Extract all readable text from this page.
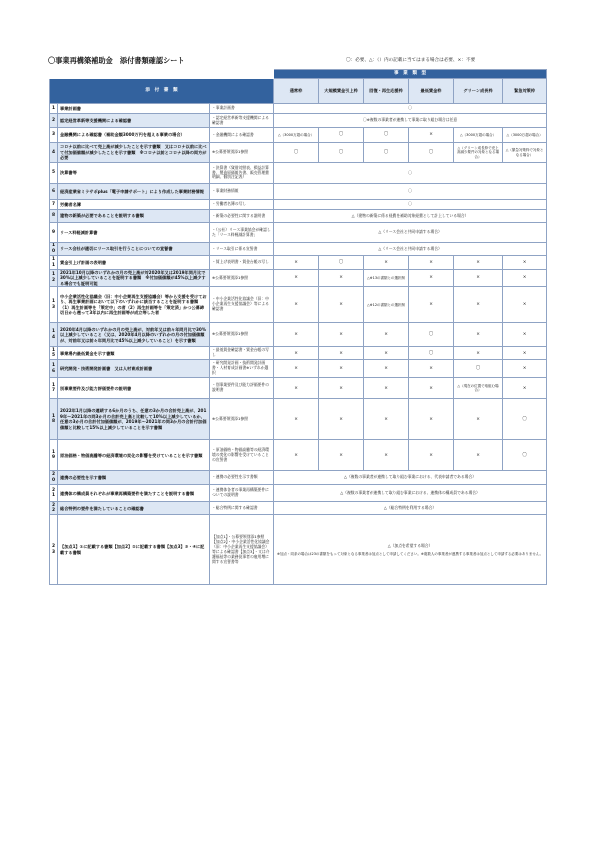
〇事業再構築補助金　添付書類確認シート	〇：必要、△：（）内の記載に当てはまる場合は必要、×：不要
			事　業　類　型					
添　付　書　類			通常枠	大規模賃金引上枠	回復・再生応援枠	最低賃金枠	グリーン成長枠	緊急対策枠
1	事業計画書	・事業計画書	〇					

2	認定経営革新等支援機関による確認書	・認定経営革新等支援機関による確認書	〇※複数の事業者が連携して事業に取り組む場合は任意					

3	金融機関による確認書（補助金額3000万円を超える事業の場合）	・金融機関による確認書	△（3000万超の場合）	〇	〇	×	△（3000万超の場合）	△（3000万超の場合）
4	コロナ以前に比べて売上高が減少したことを示す書類　又はコロナ以前に比べて付加価値額が減少したことを示す書類　※コロナ以前とコロナ以降の両方が必要	※公募要領別添1参照	〇	〇	〇	〇	△（グリーン成長枠で売上高減少要件の対象となる場合）	△（緊急対策枠で対象となる場合）
5	決算書等	・決算書（貸借対照表、損益計算書、製造原価報告書、販売管理費明細、個別注記表）	〇					

6	経済産業省ミラサポplus「電子申請サポート」により作成した事業財務情報	・事業財務情報	〇					

7	労働者名簿	・労働者名簿の写し	〇					

8	建物の新築が必要であることを説明する書類	・新築の必要性に関する説明書	△（建物の新築に係る経費を補助対象経費として計上している場合）					

9	リース料軽減計算書	・（公社）リース事業協会が確認した「リース料軽減計算書」	△（リース会社と共同申請する場合）					

10	リース会社が適切にリース取引を行うことについての宣誓書	・リース取引に係る宣誓書	△（リース会社と共同申請する場合）					

11	賃金引上げ計画の表明書	・賃上げ表明書・賃金台帳の写し	×	〇	×	×	×	×
12	2021年10月以降のいずれかの月の売上高が対2020年又は2019年同月比で30%以上減少していることを証明する書類　※付加価値額が45%以上減少する場合でも証明可能	※公募要領別添1参照	×	×	△※13の書類との選択制	×	×	×
13	中小企業活性化協議会（旧：中小企業再生支援協議会）等から支援を受けており、再生事業計画において以下のいずれかに該当することを証明する書類（1）再生計画等を「策定中」の者（2）再生計画等を「策定済」かつ公募締切日から遡って3年以内に再生計画等が成立等した者	・中小企業活性化協議会（旧：中小企業再生支援協議会）等による確認書	×	×	△※12の書類との選択制	×	×	×
14	2020年4月以降のいずれかの月の売上高が、対前年又は前々年同月比で30%以上減少していること（又は、2020年4月以降のいずれかの月の付加価値額が、対前年又は前々年同月比で45%以上減少していること）を示す書類	※公募要領別添1参照	×	×	×	〇	×	×
15	事業場内最低賃金を示す書類	・最低賃金確認書・賃金台帳の写し	×	×	×	〇	×	×
16	研究開発・技術開発計画書　又は人材育成計画書	・研究開発計画・技術開発計画書・人材育成計画書※いずれか選択	×	×	×	×	〇	×
17	別事業要件及び能力評価要件の説明書	・別事業要件及び能力評価要件の説明書	×	×	×	×	△（現在の位置で取組む場合）	×
18	2022年1月以降の連続する6か月のうち、任意の3か月の合計売上高が、2019年～2021年の同3か月の合計売上高と比較して10%以上減少しているか、任意の3か月の合計付加価値額が、2019年～2021年の同3か月の合計付加価値額と比較して15%以上減少していることを示す書類	※公募要領別添1参照	×	×	×	×	×	〇
19	原油価格・物価高騰等の経済環境の変化の影響を受けていることを示す書類	・原油価格・物価高騰等の経済環境の変化の影響を受けていることの宣誓書	×	×	×	×	×	〇
20	連携の必要性を示す書類	・連携の必要性を示す書類	△（複数の事業者が連携して取り組む事業における、代表申請者である場合）					

21	連携体の構成員それぞれが事業再構築要件を満たすことを説明する書類	・連携体各者の事業再構築要件についての説明書	△（複数の事業者が連携して取り組む事業における、連携体の構成員である場合）					

22	総合特例の要件を満たしていることの確認書	・総合特例に関する確認書	△（総合特例を利用する場合）					

23	【加点1】①に記載する書類【加点2】②に記載する書類【加点3】③・④に記載する書類	【加点1】・公募要領別添1参照【加点2】・中小企業活性化協議会（旧：中小企業再生支援協議会）等による確認書【加点3】・又は介護福祉等の業務従事者の雇用増に関する宣誓書等	△（加点を希望する場合）
※加点・同条の場合は23の書類をもって対象となる事業者は加点として申請してください。※複数人の事業者が連携する事業者は加点として申請する必要はありません。					
